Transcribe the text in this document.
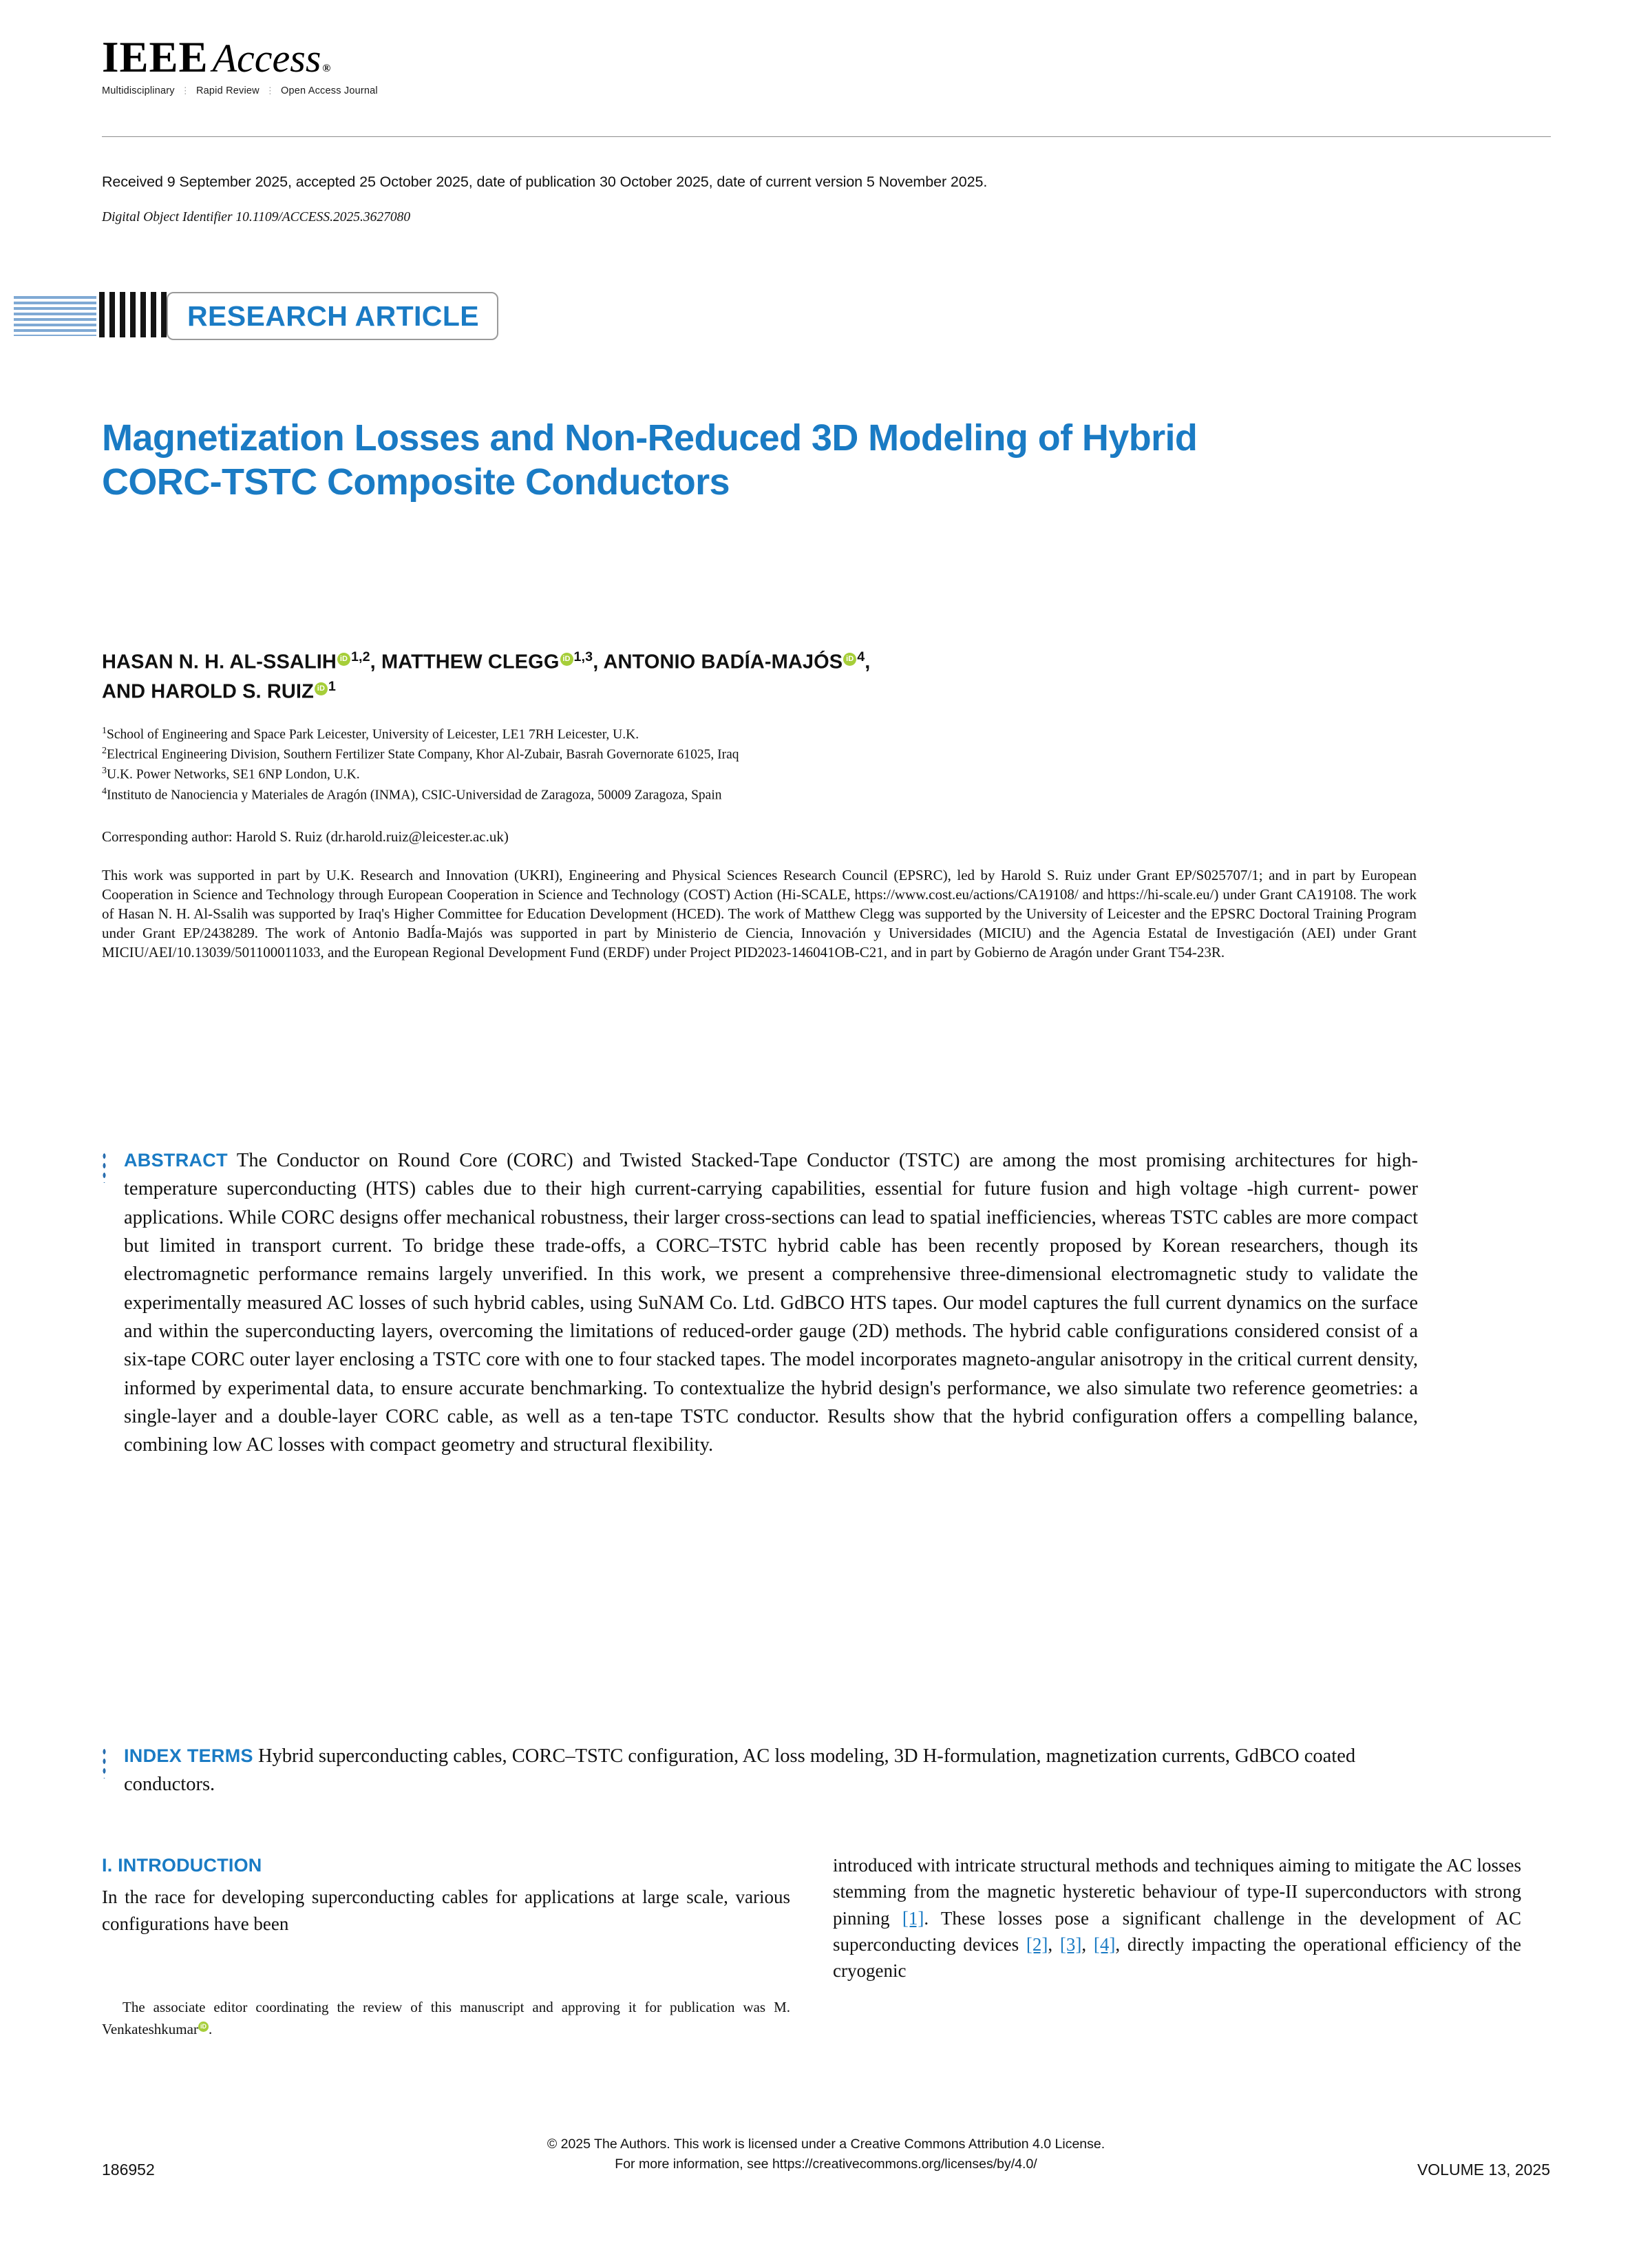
IEEE Access ®
Multidisciplinary ⋮ Rapid Review ⋮ Open Access Journal
Received 9 September 2025, accepted 25 October 2025, date of publication 30 October 2025, date of current version 5 November 2025.
Digital Object Identifier 10.1109/ACCESS.2025.3627080
RESEARCH ARTICLE
Magnetization Losses and Non-Reduced 3D Modeling of Hybrid CORC-TSTC Composite Conductors
HASAN N. H. AL-SSALIH iD $^{1,2}$, MATTHEW CLEGG iD $^{1,3}$, ANTONIO BADÍA-MAJÓS iD $^4$,
AND HAROLD S. RUIZ iD $^1$
$^1$School of Engineering and Space Park Leicester, University of Leicester, LE1 7RH Leicester, U.K.
$^2$Electrical Engineering Division, Southern Fertilizer State Company, Khor Al-Zubair, Basrah Governorate 61025, Iraq
$^3$U.K. Power Networks, SE1 6NP London, U.K.
$^4$Instituto de Nanociencia y Materiales de Aragón (INMA), CSIC-Universidad de Zaragoza, 50009 Zaragoza, Spain
Corresponding author: Harold S. Ruiz (dr.harold.ruiz@leicester.ac.uk)
This work was supported in part by U.K. Research and Innovation (UKRI), Engineering and Physical Sciences Research Council (EPSRC), led by Harold S. Ruiz under Grant EP/S025707/1; and in part by European Cooperation in Science and Technology through European Cooperation in Science and Technology (COST) Action (Hi-SCALE, https://www.cost.eu/actions/CA19108/ and https://hi-scale.eu/) under Grant CA19108. The work of Hasan N. H. Al-Ssalih was supported by Iraq's Higher Committee for Education Development (HCED). The work of Matthew Clegg was supported by the University of Leicester and the EPSRC Doctoral Training Program under Grant EP/2438289. The work of Antonio BadÍa-Majós was supported in part by Ministerio de Ciencia, Innovación y Universidades (MICIU) and the Agencia Estatal de Investigación (AEI) under Grant MICIU/AEI/10.13039/501100011033, and the European Regional Development Fund (ERDF) under Project PID2023-146041OB-C21, and in part by Gobierno de Aragón under Grant T54-23R.
ABSTRACT The Conductor on Round Core (CORC) and Twisted Stacked-Tape Conductor (TSTC) are among the most promising architectures for high-temperature superconducting (HTS) cables due to their high current-carrying capabilities, essential for future fusion and high voltage -high current- power applications. While CORC designs offer mechanical robustness, their larger cross-sections can lead to spatial inefficiencies, whereas TSTC cables are more compact but limited in transport current. To bridge these trade-offs, a CORC–TSTC hybrid cable has been recently proposed by Korean researchers, though its electromagnetic performance remains largely unverified. In this work, we present a comprehensive three-dimensional electromagnetic study to validate the experimentally measured AC losses of such hybrid cables, using SuNAM Co. Ltd. GdBCO HTS tapes. Our model captures the full current dynamics on the surface and within the superconducting layers, overcoming the limitations of reduced-order gauge (2D) methods. The hybrid cable configurations considered consist of a six-tape CORC outer layer enclosing a TSTC core with one to four stacked tapes. The model incorporates magneto-angular anisotropy in the critical current density, informed by experimental data, to ensure accurate benchmarking. To contextualize the hybrid design's performance, we also simulate two reference geometries: a single-layer and a double-layer CORC cable, as well as a ten-tape TSTC conductor. Results show that the hybrid configuration offers a compelling balance, combining low AC losses with compact geometry and structural flexibility.
INDEX TERMS Hybrid superconducting cables, CORC–TSTC configuration, AC loss modeling, 3D H-formulation, magnetization currents, GdBCO coated conductors.
I. INTRODUCTION
In the race for developing superconducting cables for applications at large scale, various configurations have been
introduced with intricate structural methods and techniques aiming to mitigate the AC losses stemming from the magnetic hysteretic behaviour of type-II superconductors with strong pinning [1]. These losses pose a significant challenge in the development of AC superconducting devices [2], [3], [4], directly impacting the operational efficiency of the cryogenic
The associate editor coordinating the review of this manuscript and approving it for publication was M. Venkateshkumar iD .
© 2025 The Authors. This work is licensed under a Creative Commons Attribution 4.0 License.
For more information, see https://creativecommons.org/licenses/by/4.0/
186952	VOLUME 13, 2025
